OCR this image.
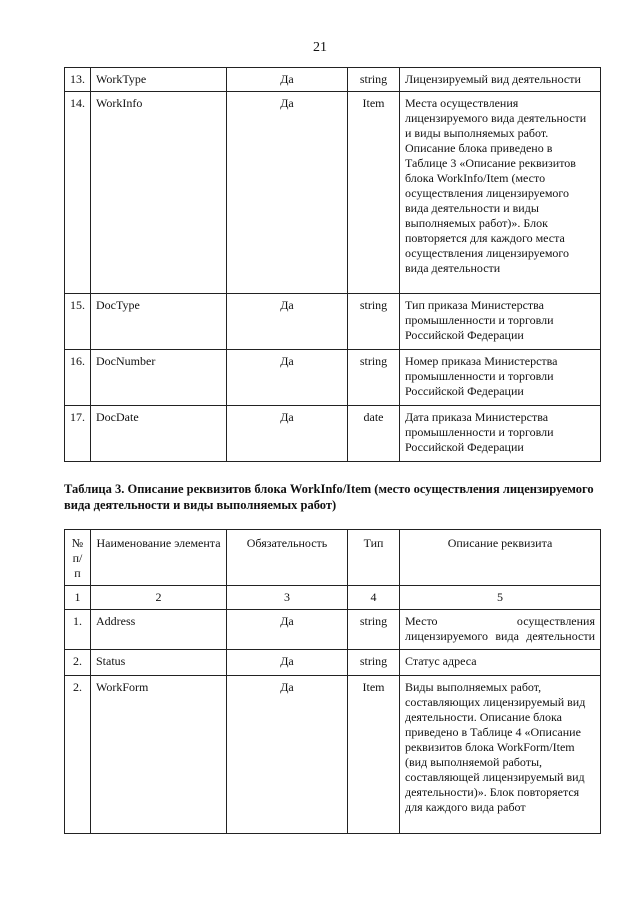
21
13.	WorkType	Да	string	Лицензируемый вид деятельности
14.	WorkInfo	Да	Item	Места осуществления лицензируемого вида деятельности и виды выполняемых работ. Описание блока приведено в Таблице 3 «Описание реквизитов блока WorkInfo/Item (место осуществления лицензируемого вида деятельности и виды выполняемых работ)». Блок повторяется для каждого места осуществления лицензируемого вида деятельности
15.	DocType	Да	string	Тип приказа Министерства промышленности и торговли Российской Федерации
16.	DocNumber	Да	string	Номер приказа Министерства промышленности и торговли Российской Федерации
17.	DocDate	Да	date	Дата приказа Министерства промышленности и торговли Российской Федерации
Таблица 3. Описание реквизитов блока WorkInfo/Item (место осуществления лицензируемого вида деятельности и виды выполняемых работ)
№ п/п	Наименование элемента	Обязательность	Тип	Описание реквизита
1	2	3	4	5
1.	Address	Да	string	Место осуществления лицензируемого вида деятельности
2.	Status	Да	string	Статус адреса
2.	WorkForm	Да	Item	Виды выполняемых работ, составляющих лицензируемый вид деятельности. Описание блока приведено в Таблице 4 «Описание реквизитов блока WorkForm/Item (вид выполняемой работы, составляющей лицензируемый вид деятельности)». Блок повторяется для каждого вида работ
